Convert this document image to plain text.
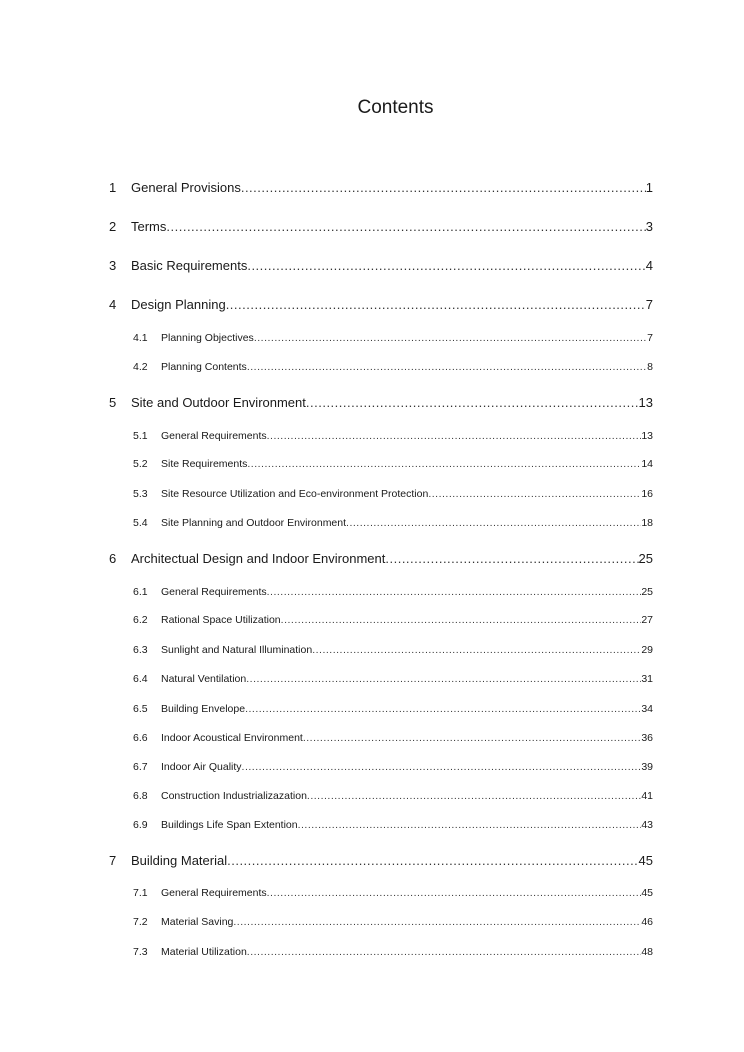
Contents
1	General Provisions .....	1
2	Terms .....	3
3	Basic Requirements .....	4
4	Design Planning .....	7
4.1	Planning Objectives .....	7
4.2	Planning Contents .....	8
5	Site and Outdoor Environment .....	13
5.1	General Requirements .....	13
5.2	Site Requirements .....	14
5.3	Site Resource Utilization and Eco-environment Protection .....	16
5.4	Site Planning and Outdoor Environment .....	18
6	Architectual Design and Indoor Environment .....	25
6.1	General Requirements .....	25
6.2	Rational Space Utilization .....	27
6.3	Sunlight and Natural Illumination .....	29
6.4	Natural Ventilation .....	31
6.5	Building Envelope .....	34
6.6	Indoor Acoustical Environment .....	36
6.7	Indoor Air Quality .....	39
6.8	Construction Industrializazation .....	41
6.9	Buildings Life Span Extention .....	43
7	Building Material .....	45
7.1	General Requirements .....	45
7.2	Material Saving .....	46
7.3	Material Utilization .....	48
